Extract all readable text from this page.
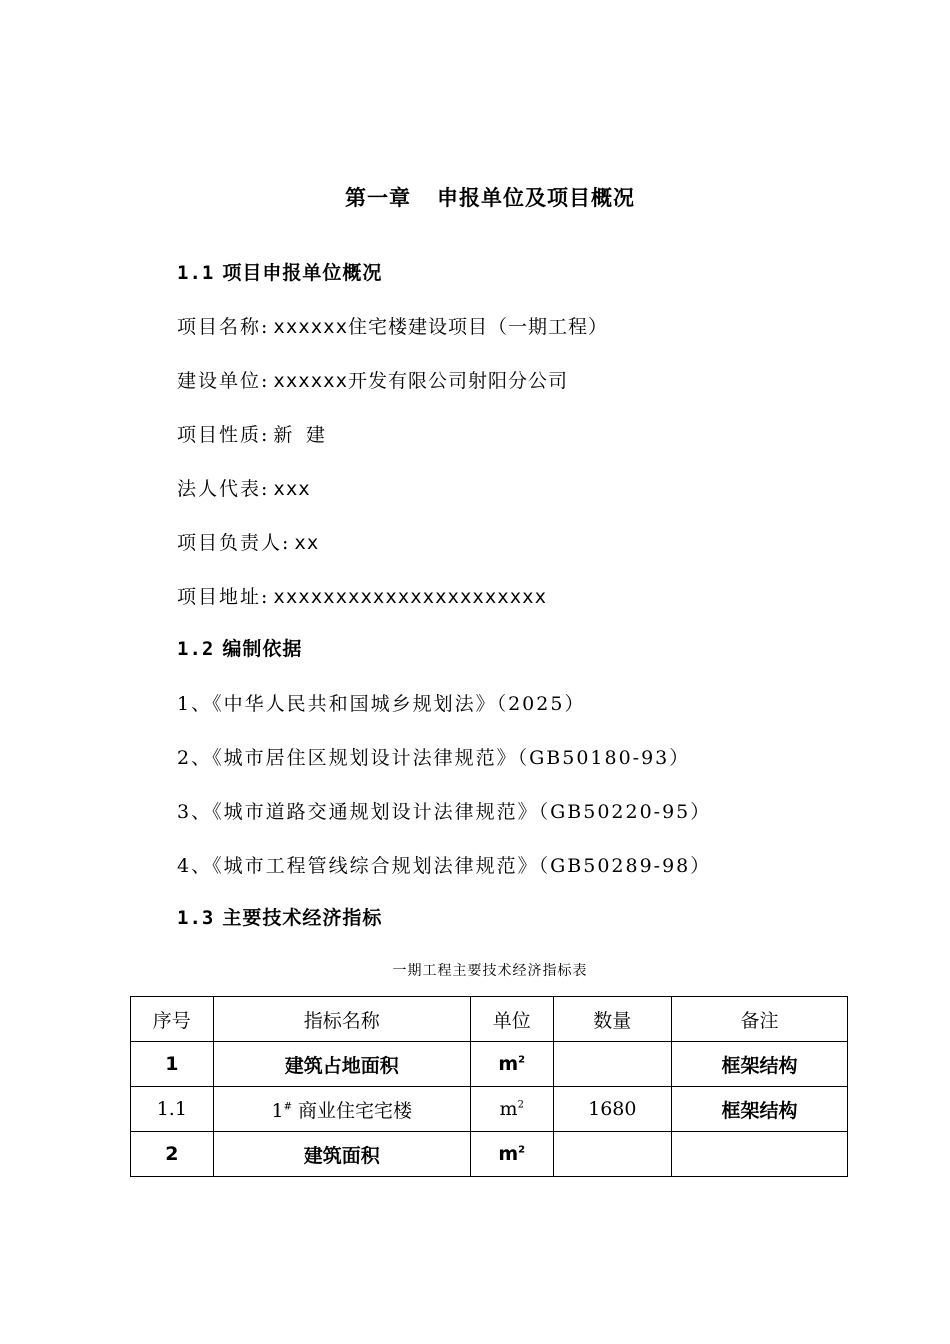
第一章 申报单位及项目概况
1.1 项目申报单位概况
项目名称: xxxxxx住宅楼建设项目（一期工程）
建设单位: xxxxxx开发有限公司射阳分公司
项目性质: 新 建
法人代表: xxx
项目负责人: xx
项目地址: xxxxxxxxxxxxxxxxxxxxxx
1.2 编制依据
1、《中华人民共和国城乡规划法》（2025）
2、《城市居住区规划设计法律规范》（GB50180-93）
3、《城市道路交通规划设计法律规范》（GB50220-95）
4、《城市工程管线综合规划法律规范》（GB50289-98）
1.3 主要技术经济指标
一期工程主要技术经济指标表
序号	指标名称	单位	数量	备注
1	建筑占地面积	$m^2$		框架结构
1.1	1# 商业住宅宅楼	$m^2$	1680	框架结构
2	建筑面积	$m^2$		
